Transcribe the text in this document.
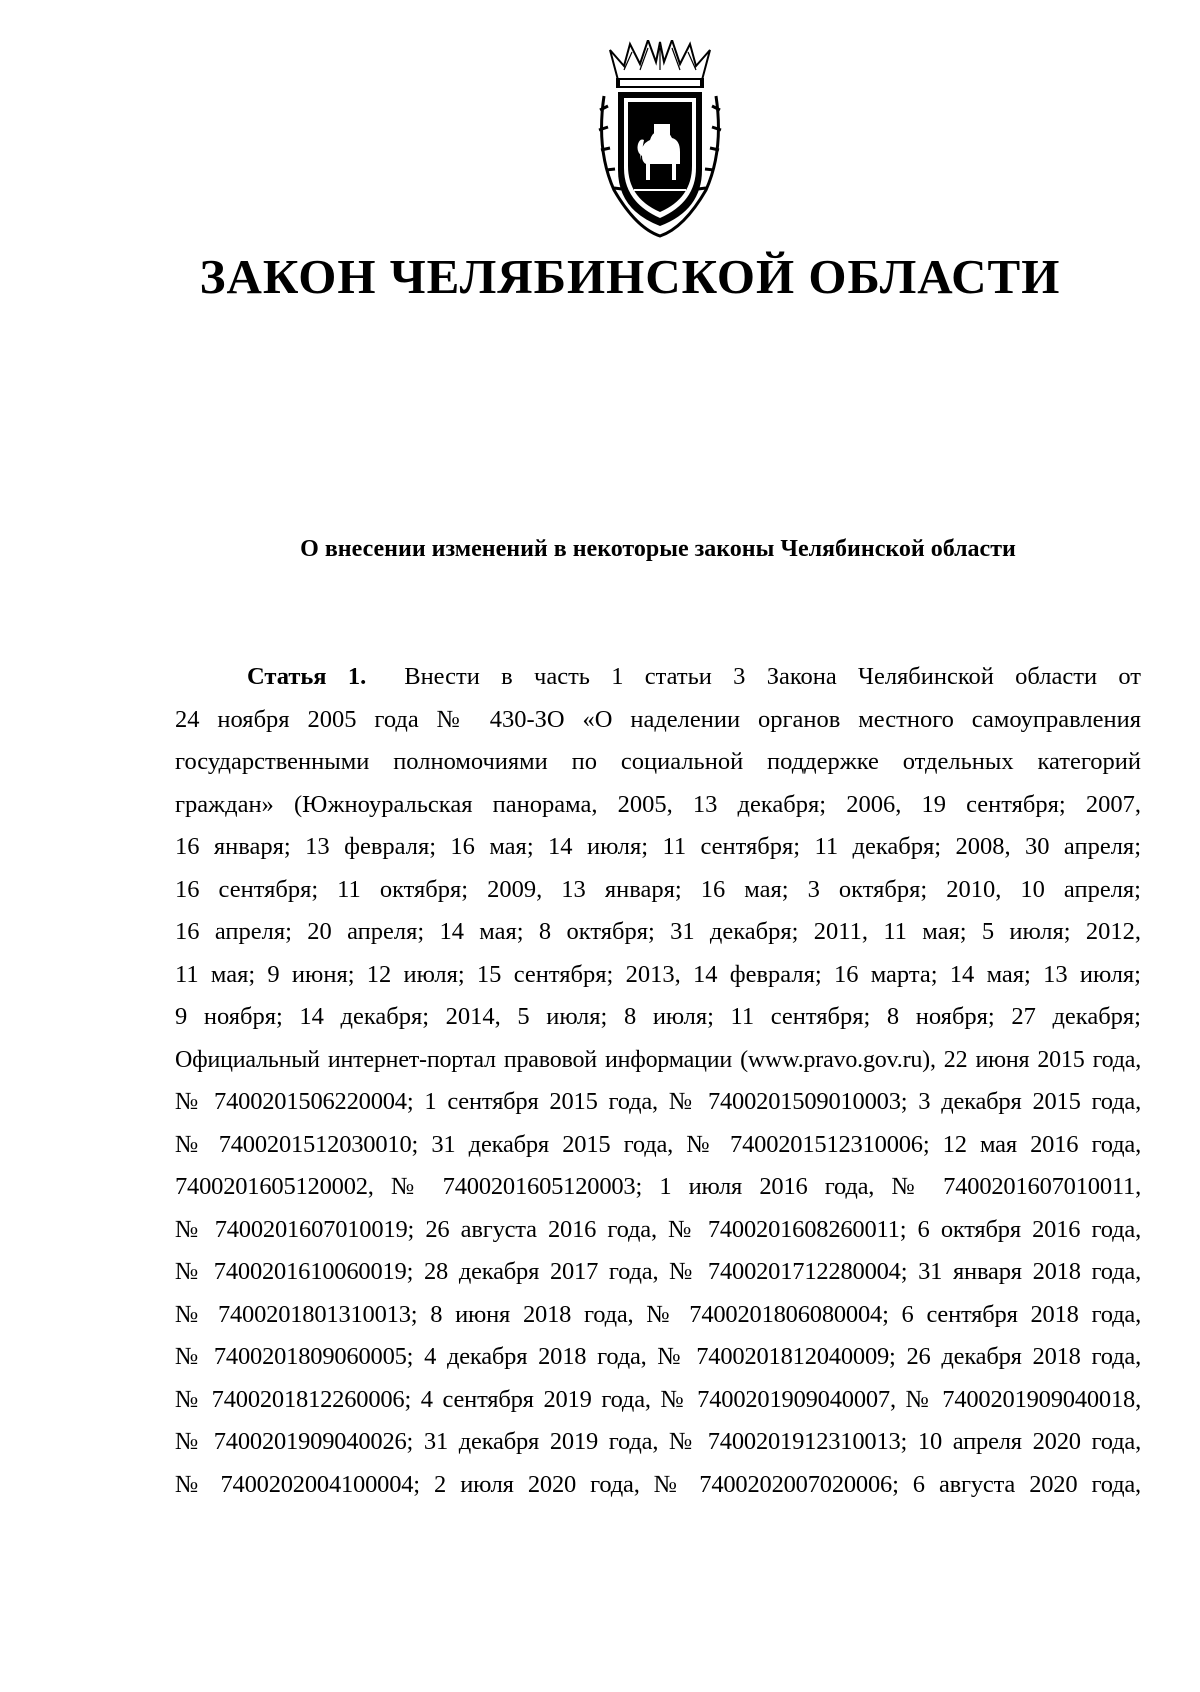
ЗАКОН ЧЕЛЯБИНСКОЙ ОБЛАСТИ
О внесении изменений в некоторые законы Челябинской области
Статья 1. Внести в часть 1 статьи 3 Закона Челябинской области от
24 ноября 2005 года № 430-ЗО «О наделении органов местного самоуправления
государственными полномочиями по социальной поддержке отдельных категорий
граждан» (Южноуральская панорама, 2005, 13 декабря; 2006, 19 сентября; 2007,
16 января; 13 февраля; 16 мая; 14 июля; 11 сентября; 11 декабря; 2008, 30 апреля;
16 сентября; 11 октября; 2009, 13 января; 16 мая; 3 октября; 2010, 10 апреля;
16 апреля; 20 апреля; 14 мая; 8 октября; 31 декабря; 2011, 11 мая; 5 июля; 2012,
11 мая; 9 июня; 12 июля; 15 сентября; 2013, 14 февраля; 16 марта; 14 мая; 13 июля;
9 ноября; 14 декабря; 2014, 5 июля; 8 июля; 11 сентября; 8 ноября; 27 декабря;
Официальный интернет-портал правовой информации (www.pravo.gov.ru), 22 июня 2015 года,
№ 7400201506220004; 1 сентября 2015 года, № 7400201509010003; 3 декабря 2015 года,
№ 7400201512030010; 31 декабря 2015 года, № 7400201512310006; 12 мая 2016 года,
7400201605120002, № 7400201605120003; 1 июля 2016 года, № 7400201607010011,
№ 7400201607010019; 26 августа 2016 года, № 7400201608260011; 6 октября 2016 года,
№ 7400201610060019; 28 декабря 2017 года, № 7400201712280004; 31 января 2018 года,
№ 7400201801310013; 8 июня 2018 года, № 7400201806080004; 6 сентября 2018 года,
№ 7400201809060005; 4 декабря 2018 года, № 7400201812040009; 26 декабря 2018 года,
№ 7400201812260006; 4 сентября 2019 года, № 7400201909040007, № 7400201909040018,
№ 7400201909040026; 31 декабря 2019 года, № 7400201912310013; 10 апреля 2020 года,
№ 7400202004100004; 2 июля 2020 года, № 7400202007020006; 6 августа 2020 года,
